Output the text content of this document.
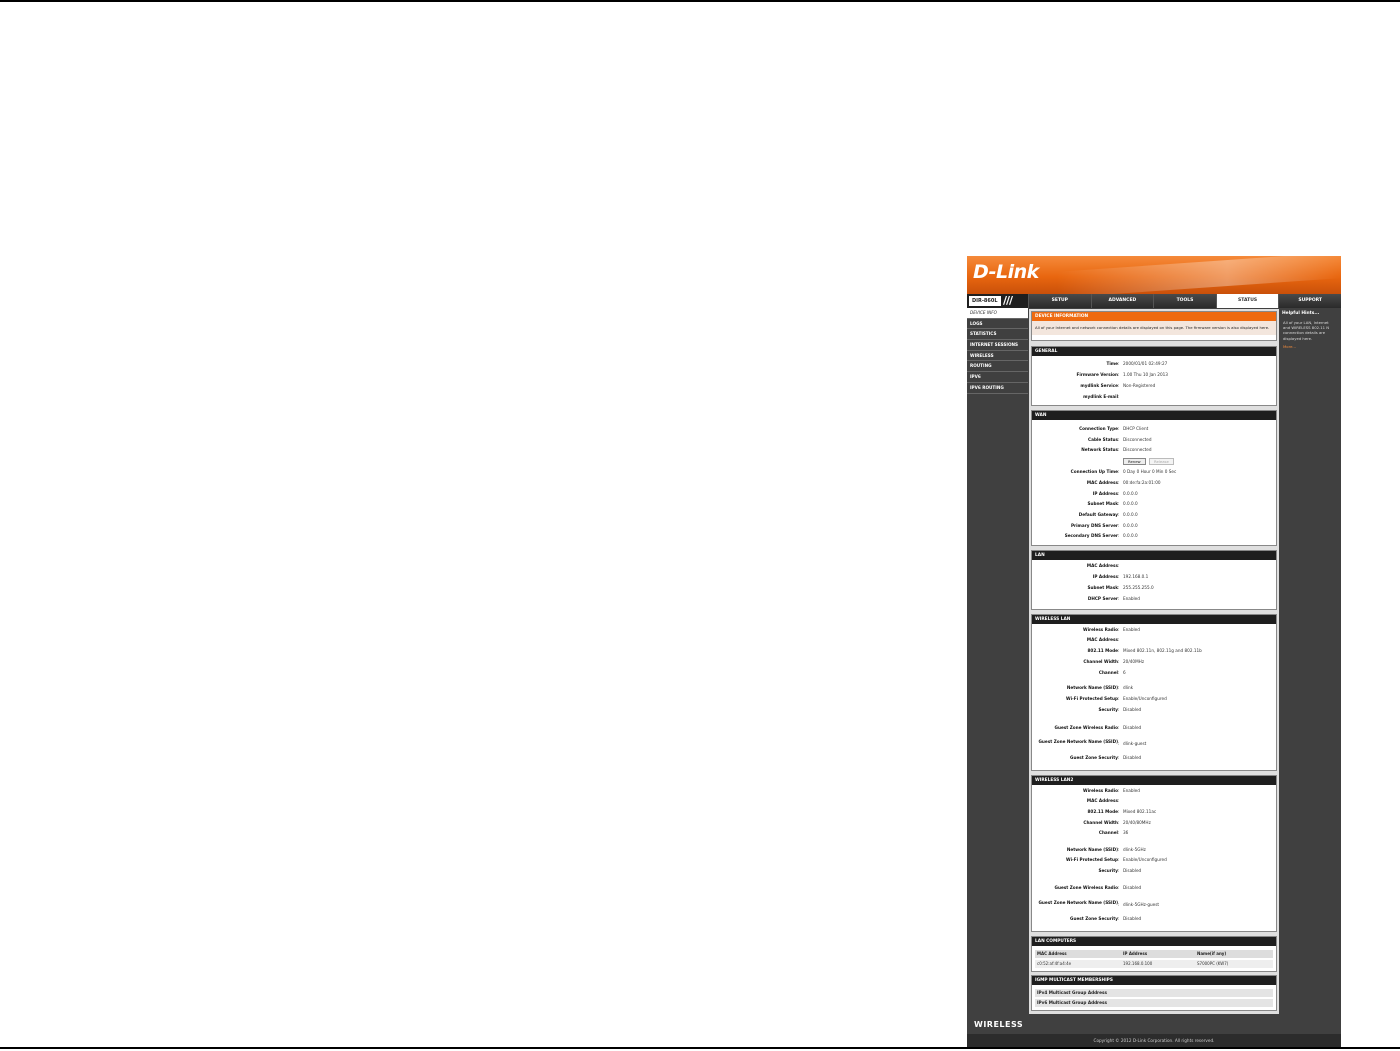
D-Link
DIR-860L ///	SETUP	ADVANCED	TOOLS	STATUS	SUPPORT
DEVICE INFO
LOGS
STATISTICS
INTERNET SESSIONS
WIRELESS
ROUTING
IPV6
IPV6 ROUTING
DEVICE INFORMATION
All of your Internet and network connection details are displayed on this page. The firmware version is also displayed here.
GENERAL
Time : 2000/01/01 02:49:27
Firmware Version : 1.00 Thu 10 Jan 2013
mydlink Service : Non-Registered
mydlink E-mail :
WAN
Connection Type : DHCP Client
Cable Status : Disconnected
Network Status : Disconnected
Renew	Release
Connection Up Time : 0 Day 0 Hour 0 Min 0 Sec
MAC Address : 00:de:fa:2a:01:00
IP Address : 0.0.0.0
Subnet Mask : 0.0.0.0
Default Gateway : 0.0.0.0
Primary DNS Server : 0.0.0.0
Secondary DNS Server : 0.0.0.0
LAN
MAC Address :
IP Address : 192.168.0.1
Subnet Mask : 255.255.255.0
DHCP Server : Enabled
WIRELESS LAN
Wireless Radio : Enabled
MAC Address :
802.11 Mode : Mixed 802.11n, 802.11g and 802.11b
Channel Width : 20/40MHz
Channel : 6
Network Name (SSID) : dlink
Wi-Fi Protected Setup : Enable/Unconfigured
Security : Disabled
Guest Zone Wireless Radio : Disabled
Guest Zone Network Name (SSID) : dlink-guest
Guest Zone Security : Disabled
WIRELESS LAN2
Wireless Radio : Enabled
MAC Address :
802.11 Mode : Mixed 802.11ac
Channel Width : 20/40/80MHz
Channel : 36
Network Name (SSID) : dlink-5GHz
Wi-Fi Protected Setup : Enable/Unconfigured
Security : Disabled
Guest Zone Wireless Radio : Disabled
Guest Zone Network Name (SSID) : dlink-5GHz-guest
Guest Zone Security : Disabled
LAN COMPUTERS
MAC Address	IP Address	Name(if any)
c0:52:af:4f:a4:4e	192.168.0.100	S7000PC (KW7)
IGMP MULTICAST MEMBERSHIPS
IPv4 Multicast Group Address
IPv6 Multicast Group Address
Helpful Hints...
All of your LAN, Internet and WIRELESS 802.11 N connection details are displayed here.
More...
WIRELESS
Copyright © 2012 D-Link Corporation. All rights reserved.
